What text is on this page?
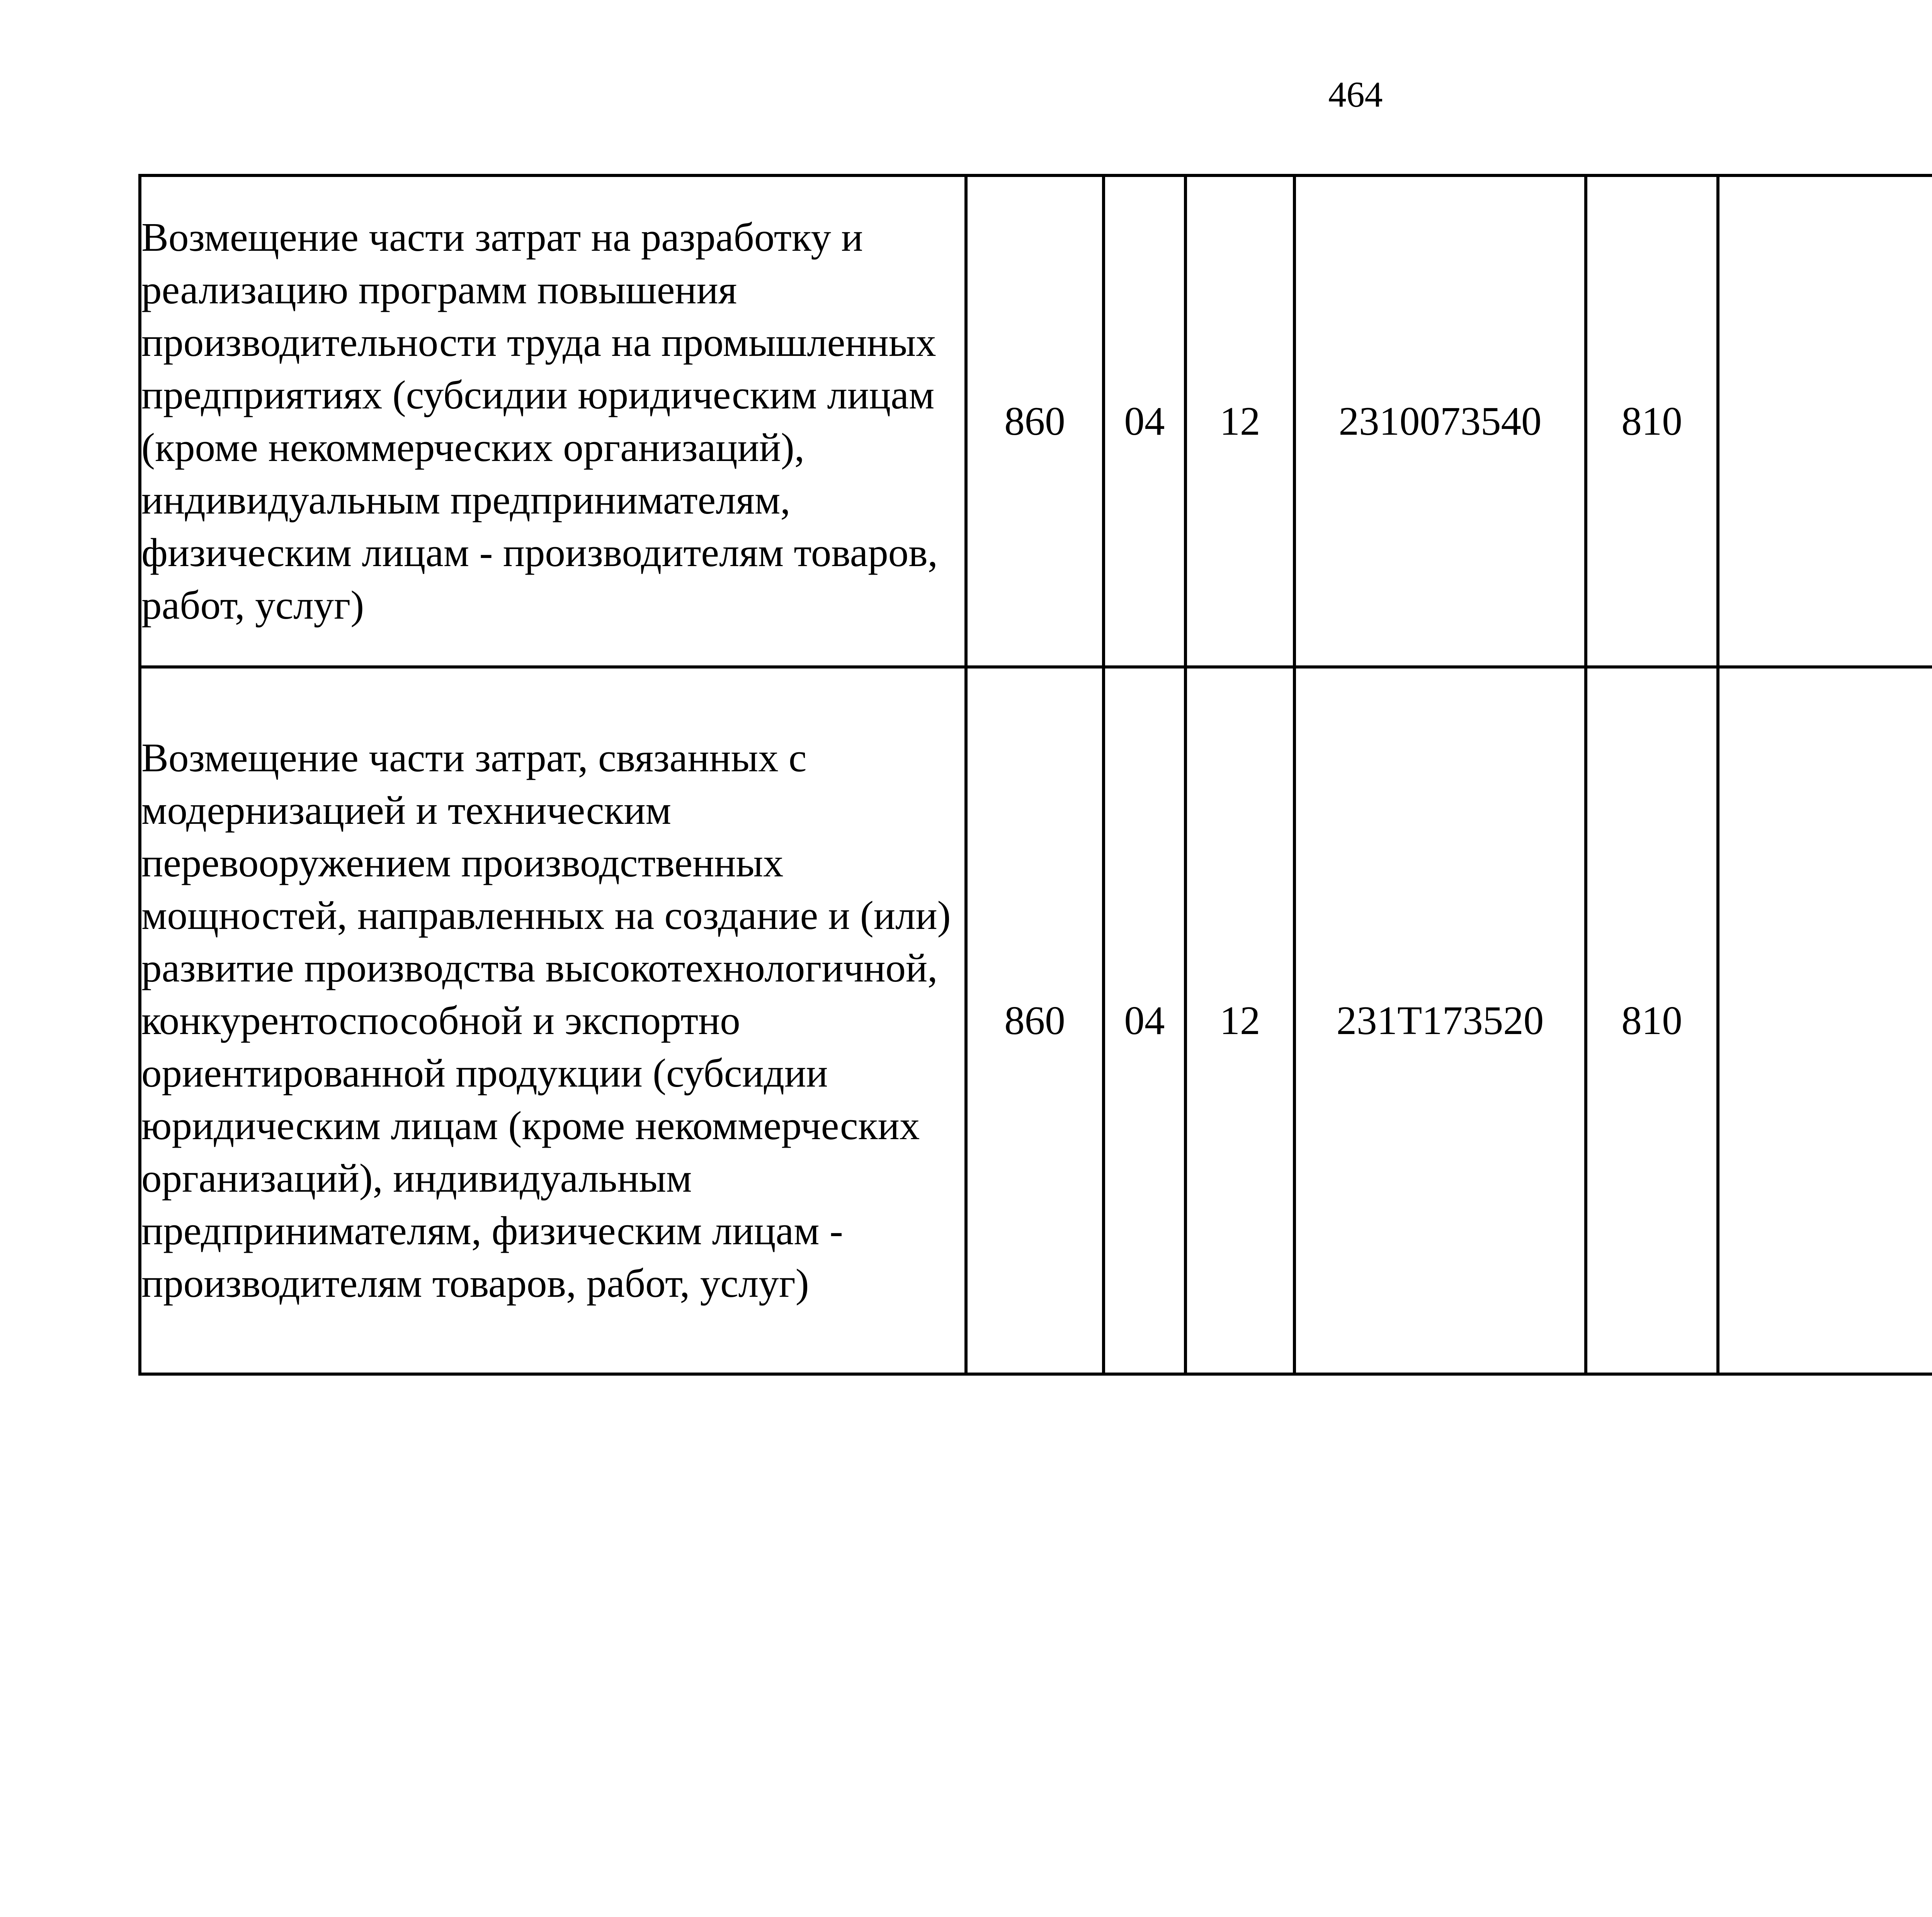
464
Возмещение части затрат на разработку и реализацию программ повышения производительности труда на промышленных предприятиях (субсидии юридическим лицам (кроме некоммерческих организаций), индивидуальным предпринимателям, физическим лицам - производителям товаров, работ, услуг)	860	04	12	2310073540	810			
Возмещение части затрат, связанных с модернизацией и техническим перевооружением производственных мощностей, направленных на создание и (или) развитие производства высокотехнологичной, конкурентоспособной и экспортно ориентированной продукции (субсидии юридическим лицам (кроме некоммерческих организаций), индивидуальным предпринимателям, физическим лицам - производителям товаров, работ, услуг)	860	04	12	231Т173520	810			
